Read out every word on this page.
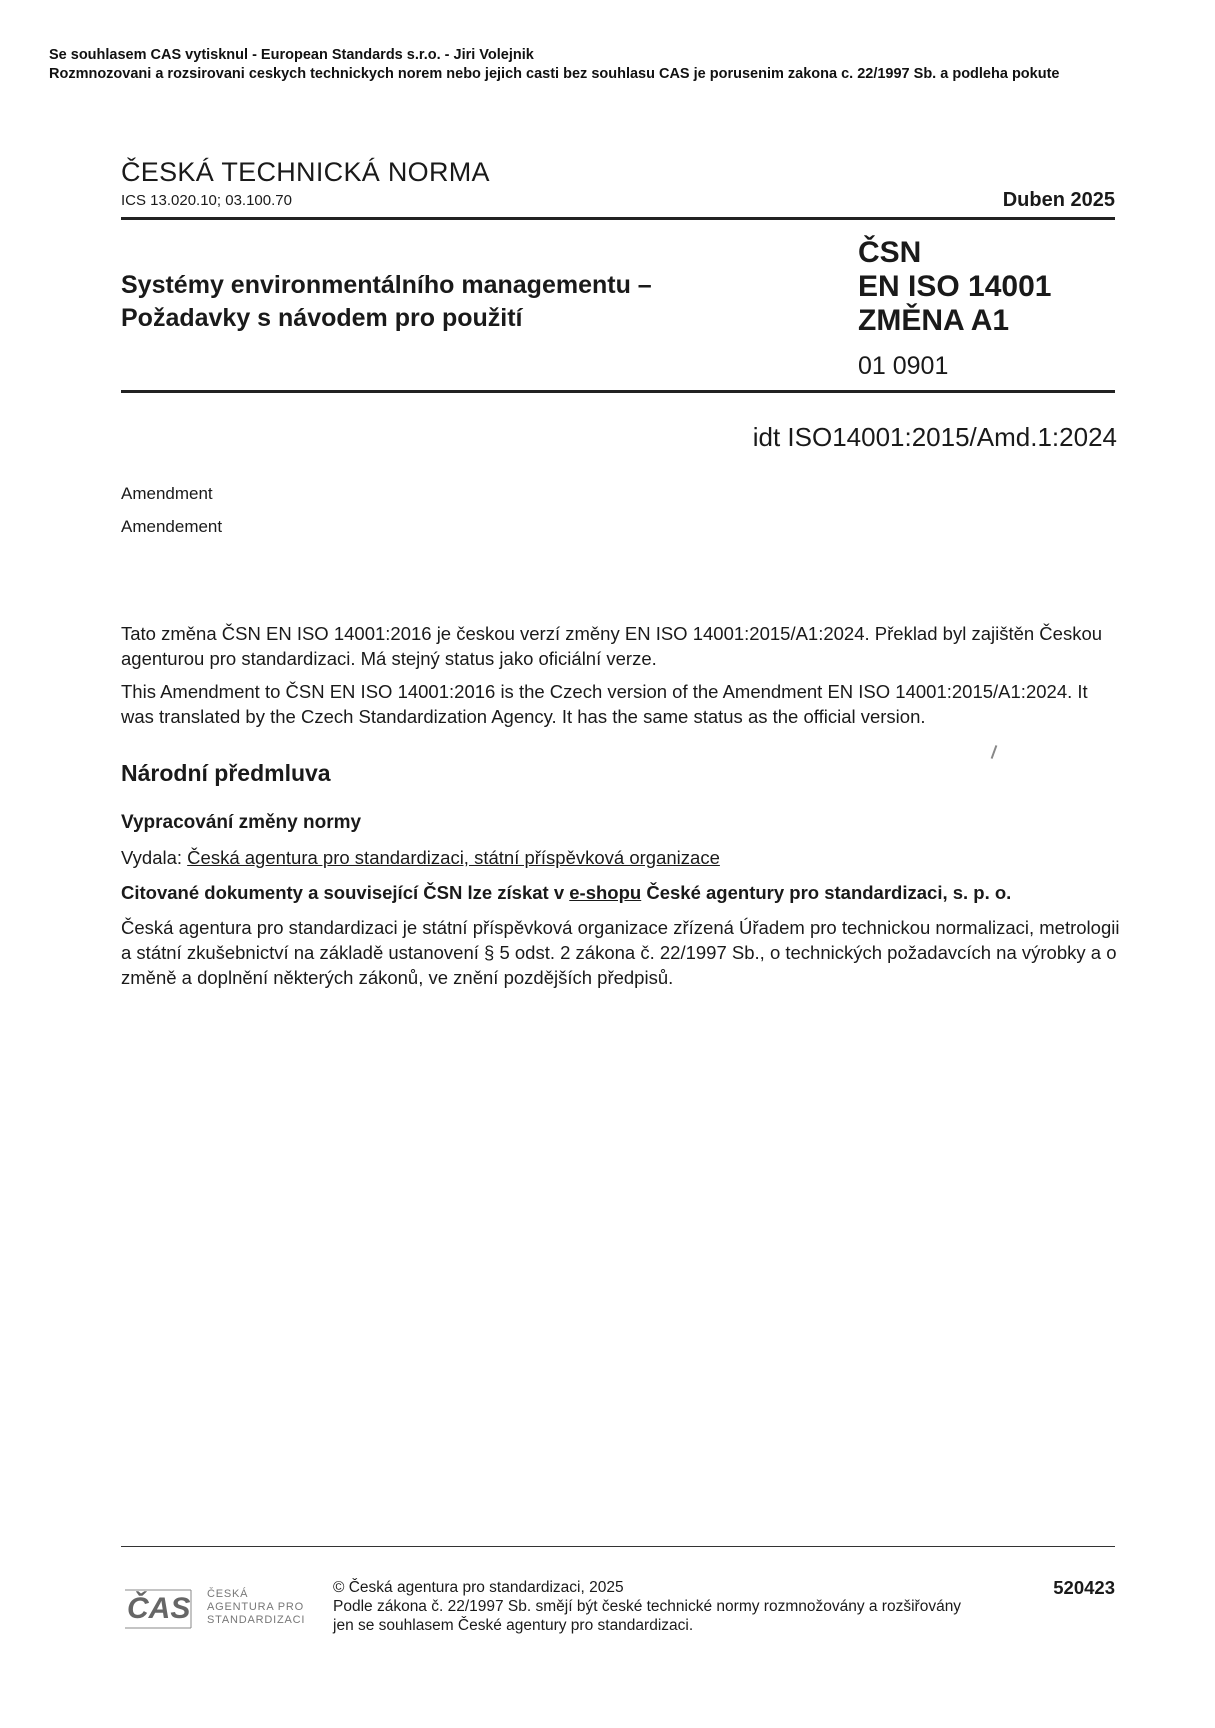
Se souhlasem CAS vytisknul - European Standards s.r.o. - Jiri Volejnik
Rozmnozovani a rozsirovani ceskych technickych norem nebo jejich casti bez souhlasu CAS je porusenim zakona c. 22/1997 Sb. a podleha pokute
ČESKÁ TECHNICKÁ NORMA
ICS 13.020.10; 03.100.70	Duben 2025
Systémy environmentálního managementu –
Požadavky s návodem pro použití
ČSN
EN ISO 14001
ZMĚNA A1
01 0901
idt ISO14001:2015/Amd.1:2024
Amendment
Amendement
Tato změna ČSN EN ISO 14001:2016 je českou verzí změny EN ISO 14001:2015/A1:2024. Překlad byl zajištěn Českou agenturou pro standardizaci. Má stejný status jako oficiální verze.
This Amendment to ČSN EN ISO 14001:2016 is the Czech version of the Amendment EN ISO 14001:2015/A1:2024. It was translated by the Czech Standardization Agency. It has the same status as the official version.
Národní předmluva
Vypracování změny normy
Vydala: Česká agentura pro standardizaci, státní příspěvková organizace
Citované dokumenty a související ČSN lze získat v e-shopu České agentury pro standardizaci, s. p. o.
Česká agentura pro standardizaci je státní příspěvková organizace zřízená Úřadem pro technickou normalizaci, metrologii a státní zkušebnictví na základě ustanovení § 5 odst. 2 zákona č. 22/1997 Sb., o technických požadavcích na výrobky a o změně a doplnění některých zákonů, ve znění pozdějších předpisů.
ČAS ČESKÁ
AGENTURA PRO
STANDARDIZACI
© Česká agentura pro standardizaci, 2025
Podle zákona č. 22/1997 Sb. smějí být české technické normy rozmnožovány a rozšiřovány
jen se souhlasem České agentury pro standardizaci.
520423
